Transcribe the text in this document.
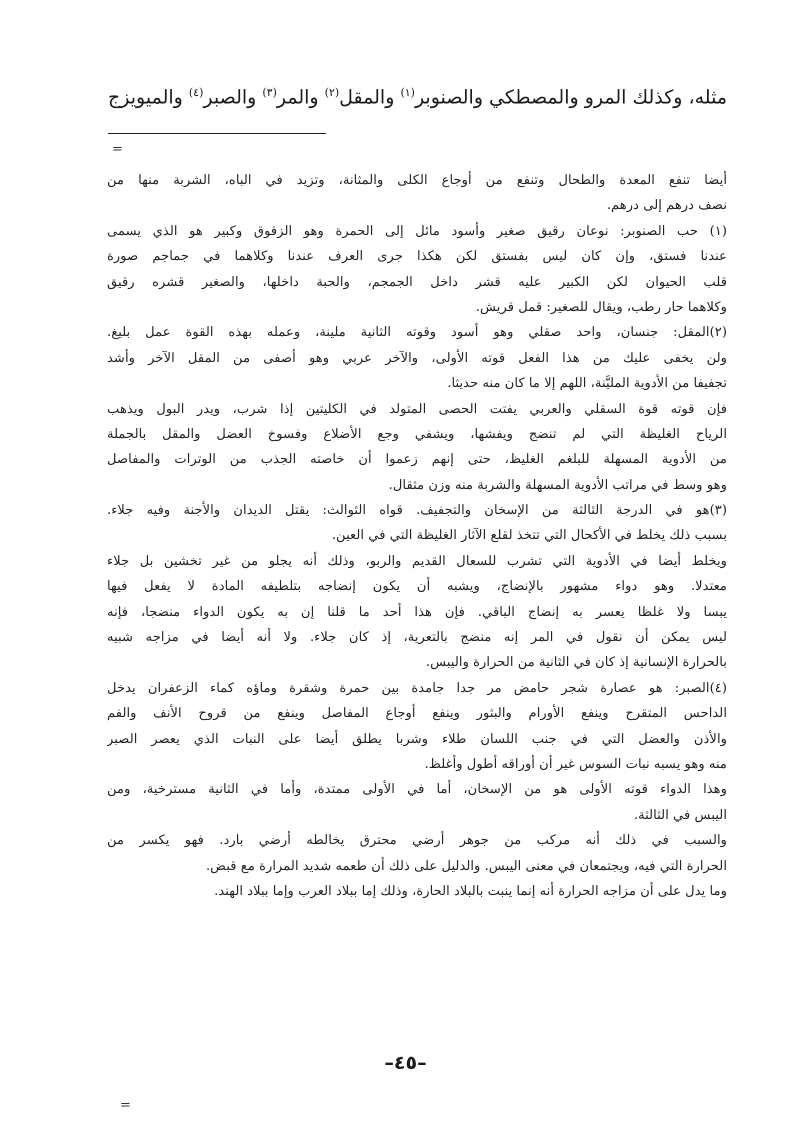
مثله، وكذلك المرو والمصطكي والصنوبر$^{(١)}$ والمقل$^{(٢)}$ والمر$^{(٣)}$ والصبر$^{(٤)}$ والميويزج
=
أيضا تنفع المعدة والطحال وتنفع من أوجاع الكلى والمثانة، وتزيد في الباه، الشربة منها من
نصف درهم إلى درهم.
(١) حب الصنوبر: نوعان رقيق صغير وأسود مائل إلى الحمرة وهو الزقوق وكبير هو الذي يسمى
عندنا فستق، وإن كان ليس بفستق لكن هكذا جرى العرف عندنا وكلاهما في جماجم صورة
قلب الحيوان لكن الكبير عليه قشر داخل الجمجم، والحبة داخلها، والصغير قشره رقيق
وكلاهما حار رطب، ويقال للصغير: قمل قريش.
(٢)المقل: جنسان، واحد صقلي وهو أسود وقوته الثانية ملينة، وعمله بهذه القوة عمل بليغ.
ولن يخفى عليك من هذا الفعل قوته الأولى، والآخر عربي وهو أصفى من المقل الآخر وأشد
تجفيفا من الأدوية المليَّنة، اللهم إلا ما كان منه حديثا.
فإن قوته قوة السقلي والعربي يفتت الحصى المتولد في الكليتين إذا شرب، ويدر البول ويذهب
الرياح الغليظة التي لم تنضج ويفشها، ويشفي وجع الأضلاع وفسوخ العضل والمقل بالجملة
من الأدوية المسهلة للبلغم الغليظ، حتى إنهم زعموا أن خاصته الجذب من الوترات والمفاصل
وهو وسط في مراتب الأدوية المسهلة والشربة منه وزن مثقال.
(٣)هو في الدرجة الثالثة من الإسخان والتجفيف. قواه الثوالث: يقتل الديدان والأجنة وفيه جلاء.
بسبب ذلك يخلط في الأكحال التي تتخذ لقلع الآثار الغليظة التي في العين.
ويخلط أيضا في الأدوية التي تشرب للسعال القديم والربو، وذلك أنه يجلو من غير تخشين بل جلاء
معتدلا. وهو دواء مشهور بالإنضاج، ويشبه أن يكون إنضاجه بتلطيفه المادة لا يفعل فيها
يبسا ولا غلظا يعسر به إنضاج الباقي. فإن هذا أحد ما قلنا إن به يكون الدواء منضجا، فإنه
ليس يمكن أن نقول في المر إنه منضج بالتعرية، إذ كان جلاء. ولا أنه أيضا في مزاجه شبيه
بالحرارة الإنسانية إذ كان في الثانية من الحرارة واليبس.
(٤)الصبر: هو عصارة شجر حامض مر جدا جامدة بين حمرة وشقرة وماؤه كماء الزعفران يدخل
الداحس المتقرح وينفع الأورام والبثور وينفع أوجاع المفاصل وينفع من قروح الأنف والفم
والأذن والعضل التي في جنب اللسان طلاء وشربا يطلق أيضا على النبات الذي يعصر الصبر
منه وهو يسبه نبات السوس غير أن أوراقه أطول وأغلظ.
وهذا الدواء قوته الأولى هو من الإسخان، أما في الأولى ممتدة، وأما في الثانية مسترخية، ومن
اليبس في الثالثة.
والسبب في ذلك أنه مركب من جوهر أرضي محترق يخالطه أرضي بارد. فهو يكسر من
الحرارة التي فيه، ويجتمعان في معنى اليبس. والدليل على ذلك أن طعمه شديد المرارة مع قبض.
وما يدل على أن مزاجه الحرارة أنه إنما ينبت بالبلاد الحارة، وذلك إما ببلاد العرب وإما ببلاد الهند.
=
–٤٥–
